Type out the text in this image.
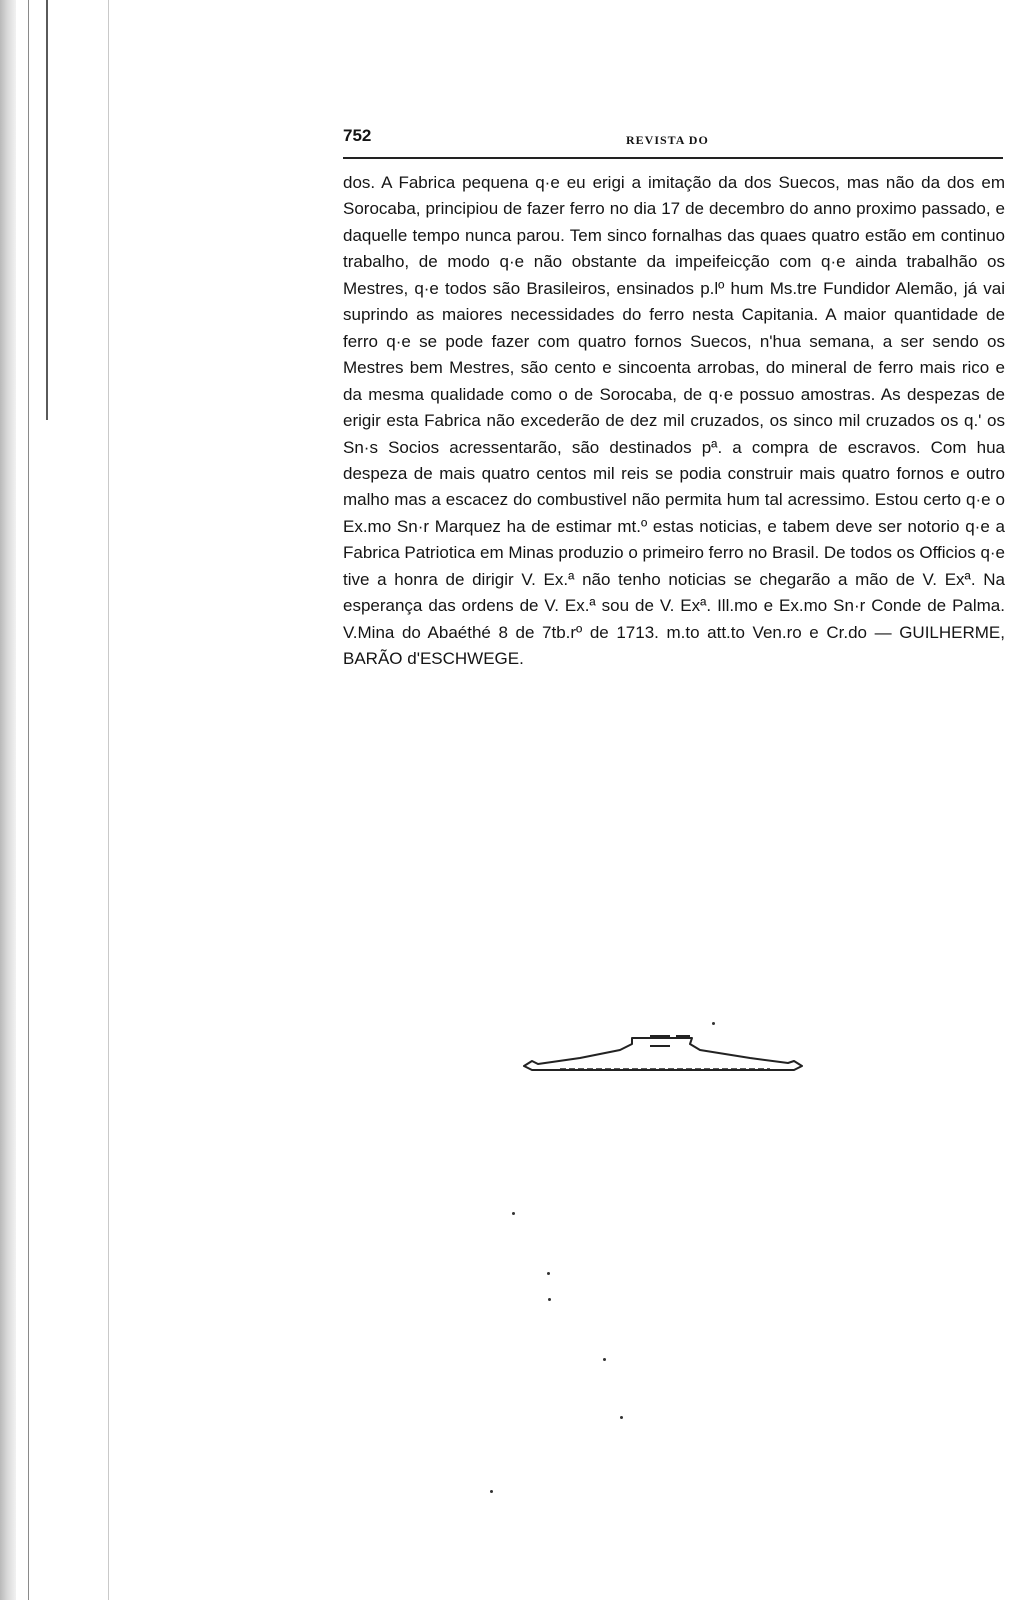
752	REVISTA DO

dos. A Fabrica pequena q·e eu erigi a imitação da dos Suecos, mas não da dos em Sorocaba, principiou de fazer ferro no dia 17 de decembro do anno proximo passado, e daquelle tempo nunca parou. Tem sinco fornalhas das quaes quatro estão em continuo trabalho, de modo q·e não obstante da impeifeicção com q·e ainda trabalhão os Mestres, q·e todos são Brasileiros, ensinados p.lº hum Ms.tre Fundidor Alemão, já vai suprindo as maiores necessidades do ferro nesta Capitania. A maior quantidade de ferro q·e se pode fazer com quatro fornos Suecos, n'hua semana, a ser sendo os Mestres bem Mestres, são cento e sincoenta arrobas, do mineral de ferro mais rico e da mesma qualidade como o de Sorocaba, de q·e possuo amostras. As despezas de erigir esta Fabrica não excederão de dez mil cruzados, os sinco mil cruzados os q.' os Sn·s Socios acressentarão, são destinados pª. a compra de escravos. Com hua despeza de mais quatro centos mil reis se podia construir mais quatro fornos e outro malho mas a escacez do combustivel não permita hum tal acressimo. Estou certo q·e o Ex.mo Sn·r Marquez ha de estimar mt.º estas noticias, e tabem deve ser notorio q·e a Fabrica Patriotica em Minas produzio o primeiro ferro no Brasil. De todos os Officios q·e tive a honra de dirigir V. Ex.ª não tenho noticias se chegarão a mão de V. Exª. Na esperança das ordens de V. Ex.ª sou de V. Exª. Ill.mo e Ex.mo Sn·r Conde de Palma. V.Mina do Abaéthé 8 de 7tb.rº de 1713. m.to att.to Ven.ro e Cr.do — GUILHERME, BARÃO d'ESCHWEGE.
